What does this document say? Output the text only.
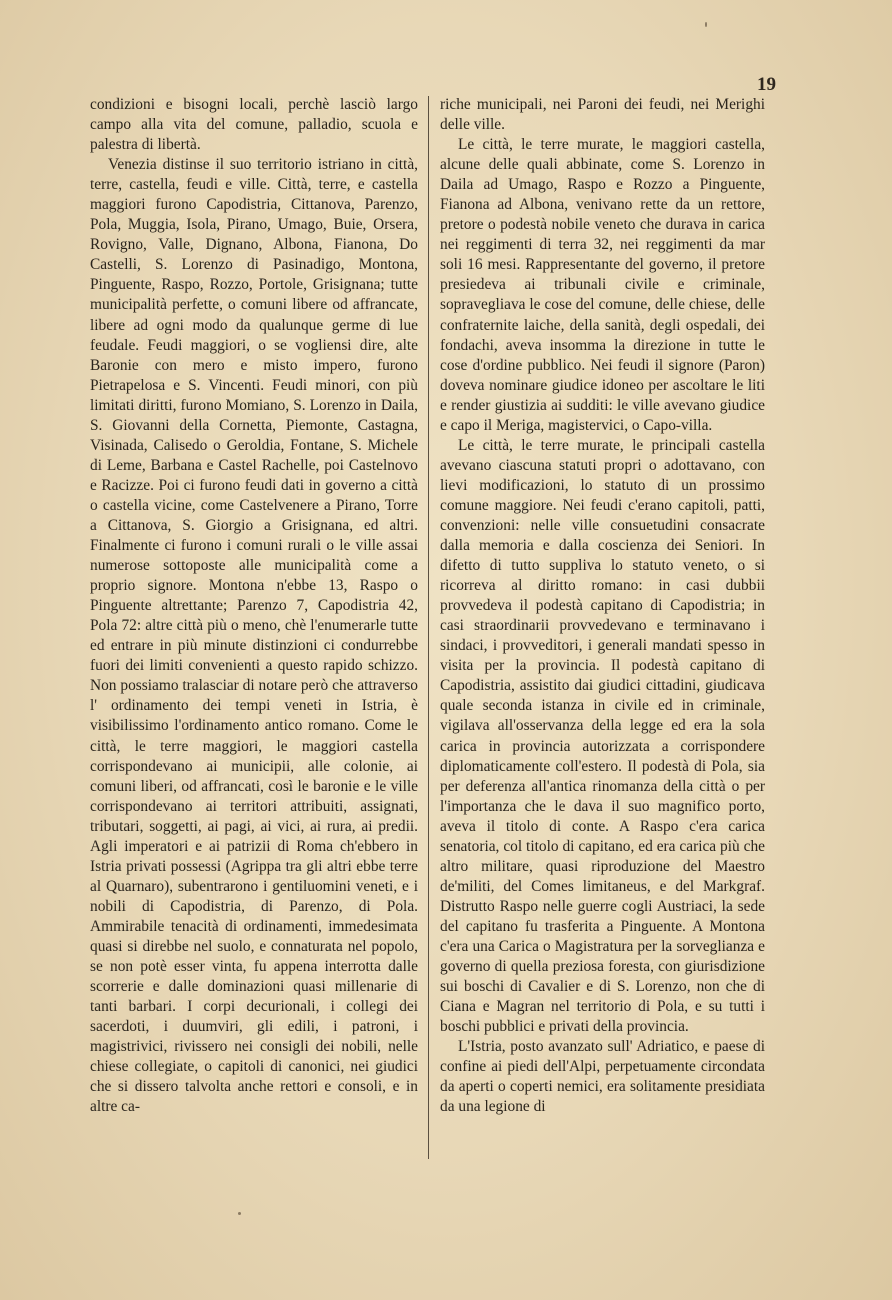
19

condizioni e bisogni locali, perchè lasciò largo campo alla vita del comune, palladio, scuola e palestra di libertà.

Venezia distinse il suo territorio istriano in città, terre, castella, feudi e ville. Città, terre, e castella maggiori furono Capodistria, Cittanova, Parenzo, Pola, Muggia, Isola, Pirano, Umago, Buie, Orsera, Rovigno, Valle, Dignano, Albona, Fianona, Do Castelli, S. Lorenzo di Pasinadigo, Montona, Pinguente, Raspo, Rozzo, Portole, Grisignana; tutte municipalità perfette, o comuni libere od affrancate, libere ad ogni modo da qualunque germe di lue feudale. Feudi maggiori, o se vogliensi dire, alte Baronie con mero e misto impero, furono Pietrapelosa e S. Vincenti. Feudi minori, con più limitati diritti, furono Momiano, S. Lorenzo in Daila, S. Giovanni della Cornetta, Piemonte, Castagna, Visinada, Calisedo o Geroldia, Fontane, S. Michele di Leme, Barbana e Castel Rachelle, poi Castelnovo e Racizze. Poi ci furono feudi dati in governo a città o castella vicine, come Castelvenere a Pirano, Torre a Cittanova, S. Giorgio a Grisignana, ed altri. Finalmente ci furono i comuni rurali o le ville assai numerose sottoposte alle municipalità come a proprio signore. Montona n'ebbe 13, Raspo o Pinguente altrettante; Parenzo 7, Capodistria 42, Pola 72: altre città più o meno, chè l'enumerarle tutte ed entrare in più minute distinzioni ci condurrebbe fuori dei limiti convenienti a questo rapido schizzo. Non possiamo tralasciar di notare però che attraverso l' ordinamento dei tempi veneti in Istria, è visibilissimo l'ordinamento antico romano. Come le città, le terre maggiori, le maggiori castella corrispondevano ai municipii, alle colonie, ai comuni liberi, od affrancati, così le baronie e le ville corrispondevano ai territori attribuiti, assignati, tributari, soggetti, ai pagi, ai vici, ai rura, ai predii. Agli imperatori e ai patrizii di Roma ch'ebbero in Istria privati possessi (Agrippa tra gli altri ebbe terre al Quarnaro), subentrarono i gentiluomini veneti, e i nobili di Capodistria, di Parenzo, di Pola. Ammirabile tenacità di ordinamenti, immedesimata quasi si direbbe nel suolo, e connaturata nel popolo, se non potè esser vinta, fu appena interrotta dalle scorrerie e dalle dominazioni quasi millenarie di tanti barbari. I corpi decurionali, i collegi dei sacerdoti, i duumviri, gli edili, i patroni, i magistrivici, rivissero nei consigli dei nobili, nelle chiese collegiate, o capitoli di canonici, nei giudici che si dissero talvolta anche rettori e consoli, e in altre ca-

riche municipali, nei Paroni dei feudi, nei Merighi delle ville.

Le città, le terre murate, le maggiori castella, alcune delle quali abbinate, come S. Lorenzo in Daila ad Umago, Raspo e Rozzo a Pinguente, Fianona ad Albona, venivano rette da un rettore, pretore o podestà nobile veneto che durava in carica nei reggimenti di terra 32, nei reggimenti da mar soli 16 mesi. Rappresentante del governo, il pretore presiedeva ai tribunali civile e criminale, sopravegliava le cose del comune, delle chiese, delle confraternite laiche, della sanità, degli ospedali, dei fondachi, aveva insomma la direzione in tutte le cose d'ordine pubblico. Nei feudi il signore (Paron) doveva nominare giudice idoneo per ascoltare le liti e render giustizia ai sudditi: le ville avevano giudice e capo il Meriga, magistervici, o Capo-villa.

Le città, le terre murate, le principali castella avevano ciascuna statuti propri o adottavano, con lievi modificazioni, lo statuto di un prossimo comune maggiore. Nei feudi c'erano capitoli, patti, convenzioni: nelle ville consuetudini consacrate dalla memoria e dalla coscienza dei Seniori. In difetto di tutto suppliva lo statuto veneto, o si ricorreva al diritto romano: in casi dubbii provvedeva il podestà capitano di Capodistria; in casi straordinarii provvedevano e terminavano i sindaci, i provveditori, i generali mandati spesso in visita per la provincia. Il podestà capitano di Capodistria, assistito dai giudici cittadini, giudicava quale seconda istanza in civile ed in criminale, vigilava all'osservanza della legge ed era la sola carica in provincia autorizzata a corrispondere diplomaticamente coll'estero. Il podestà di Pola, sia per deferenza all'antica rinomanza della città o per l'importanza che le dava il suo magnifico porto, aveva il titolo di conte. A Raspo c'era carica senatoria, col titolo di capitano, ed era carica più che altro militare, quasi riproduzione del Maestro de'militi, del Comes limitaneus, e del Markgraf. Distrutto Raspo nelle guerre cogli Austriaci, la sede del capitano fu trasferita a Pinguente. A Montona c'era una Carica o Magistratura per la sorveglianza e governo di quella preziosa foresta, con giurisdizione sui boschi di Cavalier e di S. Lorenzo, non che di Ciana e Magran nel territorio di Pola, e su tutti i boschi pubblici e privati della provincia.

L'Istria, posto avanzato sull' Adriatico, e paese di confine ai piedi dell'Alpi, perpetuamente circondata da aperti o coperti nemici, era solitamente presidiata da una legione di
